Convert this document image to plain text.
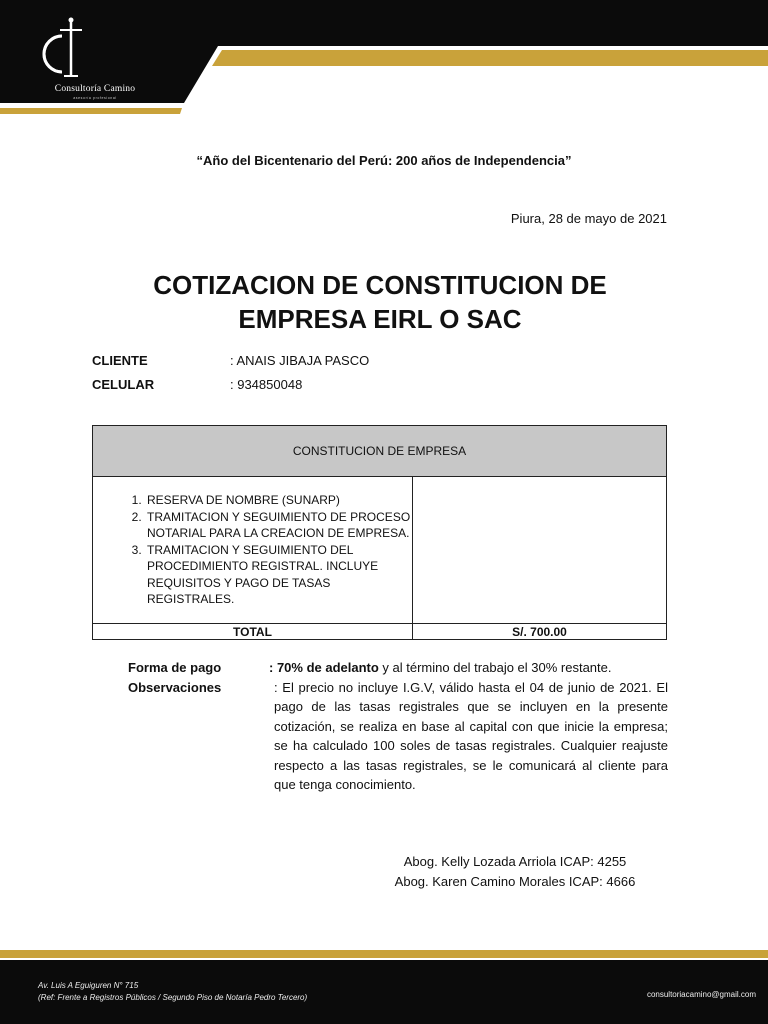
Consultoría Camino
asesoría profesional
“Año del Bicentenario del Perú: 200 años de Independencia”
Piura, 28 de mayo de 2021
COTIZACION DE CONSTITUCION DE
EMPRESA EIRL O SAC
CLIENTE	: ANAIS JIBAJA PASCO
CELULAR	: 934850048
CONSTITUCION DE EMPRESA
1. RESERVA DE NOMBRE (SUNARP)
2. TRAMITACION Y SEGUIMIENTO DE PROCESO NOTARIAL PARA LA CREACION DE EMPRESA.
3. TRAMITACION Y SEGUIMIENTO DEL PROCEDIMIENTO REGISTRAL. INCLUYE REQUISITOS Y PAGO DE TASAS REGISTRALES.
TOTAL	S/. 700.00
Forma de pago	: 70% de adelanto y al término del trabajo el 30% restante.
Observaciones	: El precio no incluye I.G.V, válido hasta el 04 de junio de 2021. El pago de las tasas registrales que se incluyen en la presente cotización, se realiza en base al capital con que inicie la empresa; se ha calculado 100 soles de tasas registrales. Cualquier reajuste respecto a las tasas registrales, se le comunicará al cliente para que tenga conocimiento.
Abog. Kelly Lozada Arriola ICAP: 4255
Abog. Karen Camino Morales ICAP: 4666
Av. Luis A Eguiguren N° 715
(Ref: Frente a Registros Públicos / Segundo Piso de Notaría Pedro Tercero)	consultoriacamino@gmail.com
